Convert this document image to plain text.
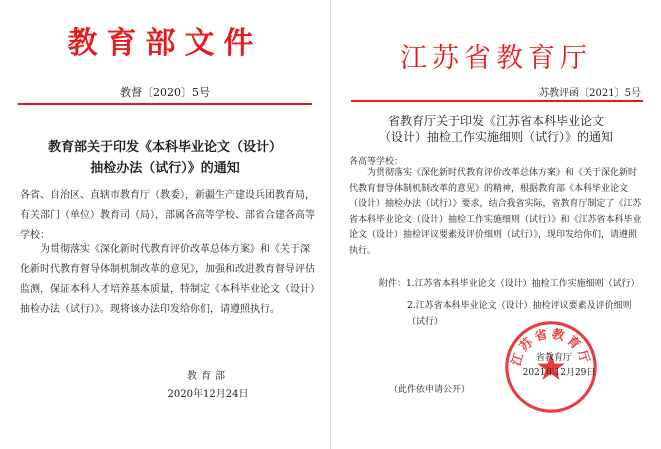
教育部文件
教督〔2020〕5号
教育部关于印发《本科毕业论文（设计）
抽检办法（试行）》的通知
各省、自治区、直辖市教育厅（教委），新疆生产建设兵团教育局，有关部门（单位）教育司（局），部属各高等学校、部省合建各高等学校：
为贯彻落实《深化新时代教育评价改革总体方案》和《关于深化新时代教育督导体制机制改革的意见》，加强和改进教育督导评估监测，保证本科人才培养基本质量，特制定《本科毕业论文（设计）抽检办法（试行）》。现将该办法印发给你们，请遵照执行。
教育部
2020年12月24日
江苏省教育厅
苏教评函〔2021〕5号
省教育厅关于印发《江苏省本科毕业论文
（设计）抽检工作实施细则（试行）》的通知
各高等学校：
为贯彻落实《深化新时代教育评价改革总体方案》和《关于深化新时代教育督导体制机制改革的意见》的精神，根据教育部《本科毕业论文（设计）抽检办法（试行）》要求，结合我省实际，省教育厅制定了《江苏省本科毕业论文（设计）抽检工作实施细则（试行）》和《江苏省本科毕业论文（设计）抽检评议要素及评价细则（试行）》，现印发给你们，请遵照执行。
附件：1.江苏省本科毕业论文（设计）抽检工作实施细则（试行）
2.江苏省本科毕业论文（设计）抽检评议要素及评价细则（试行）
江苏省教育厅
省教育厅
2021年12月29日
（此件依申请公开）
